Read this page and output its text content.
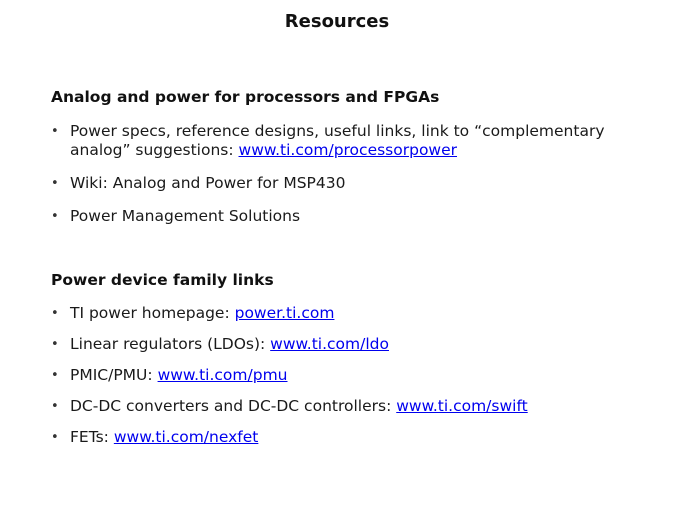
Resources
Analog and power for processors and FPGAs
• Power specs, reference designs, useful links, link to “complementary
analog” suggestions: www.ti.com/processorpower
• Wiki: Analog and Power for MSP430
• Power Management Solutions
Power device family links
• TI power homepage: power.ti.com
• Linear regulators (LDOs): www.ti.com/ldo
• PMIC/PMU: www.ti.com/pmu
• DC-DC converters and DC-DC controllers: www.ti.com/swift
• FETs: www.ti.com/nexfet
